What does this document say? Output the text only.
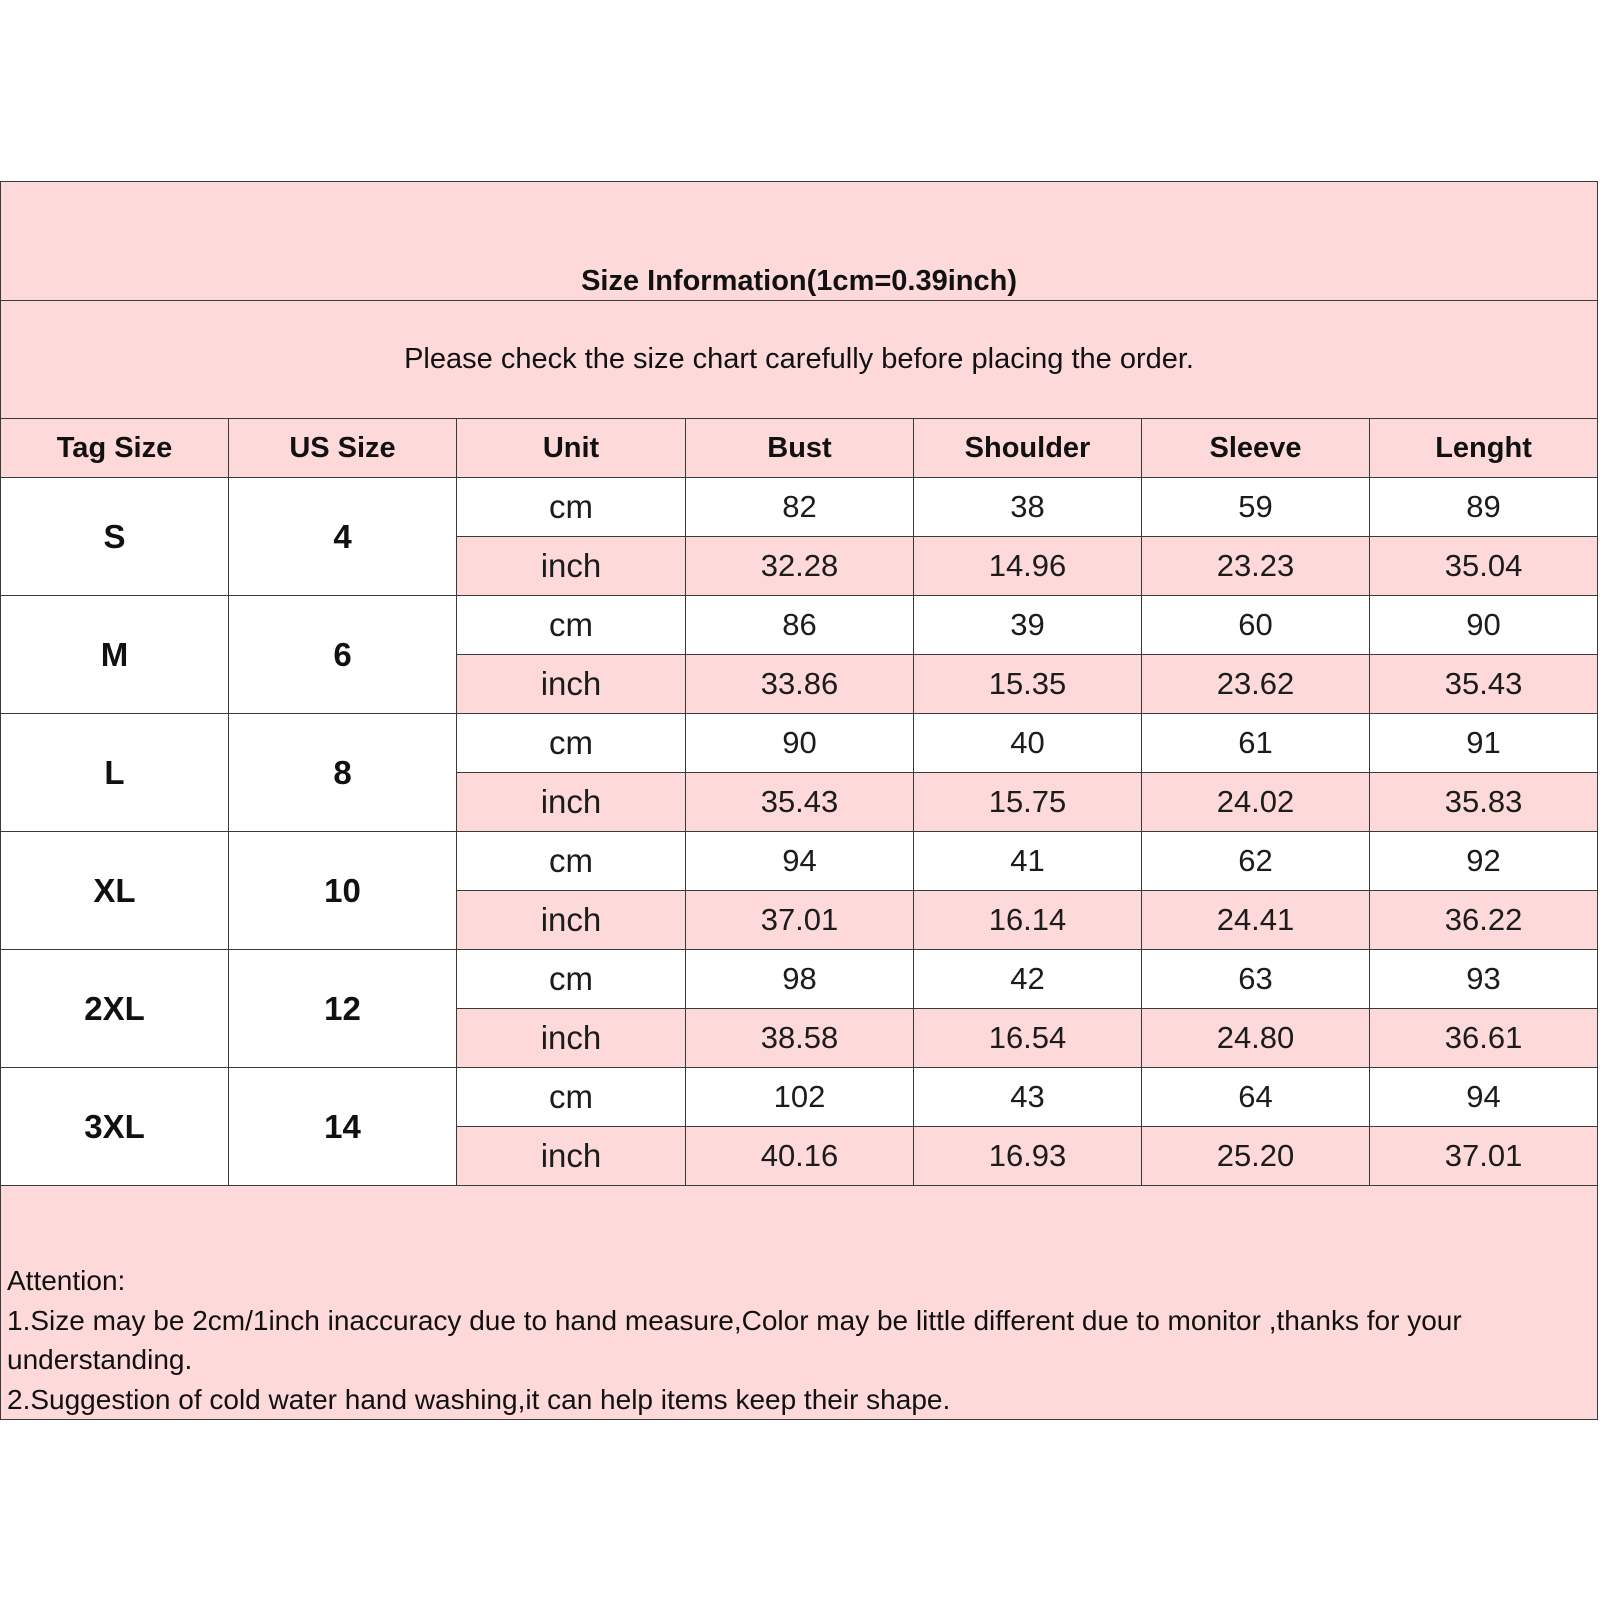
Size Information(1cm=0.39inch)						
Please check the size chart carefully before placing the order.						
Tag Size	US Size	Unit	Bust	Shoulder	Sleeve	Lenght
S	4	cm	82	38	59	89
		inch	32.28	14.96	23.23	35.04
M	6	cm	86	39	60	90
		inch	33.86	15.35	23.62	35.43
L	8	cm	90	40	61	91
		inch	35.43	15.75	24.02	35.83
XL	10	cm	94	41	62	92
		inch	37.01	16.14	24.41	36.22
2XL	12	cm	98	42	63	93
		inch	38.58	16.54	24.80	36.61
3XL	14	cm	102	43	64	94
		inch	40.16	16.93	25.20	37.01

Attention:
1.Size may be 2cm/1inch inaccuracy due to hand measure,Color may be little different due to monitor ,thanks for your understanding.
2.Suggestion of cold water hand washing,it can help items keep their shape.						
